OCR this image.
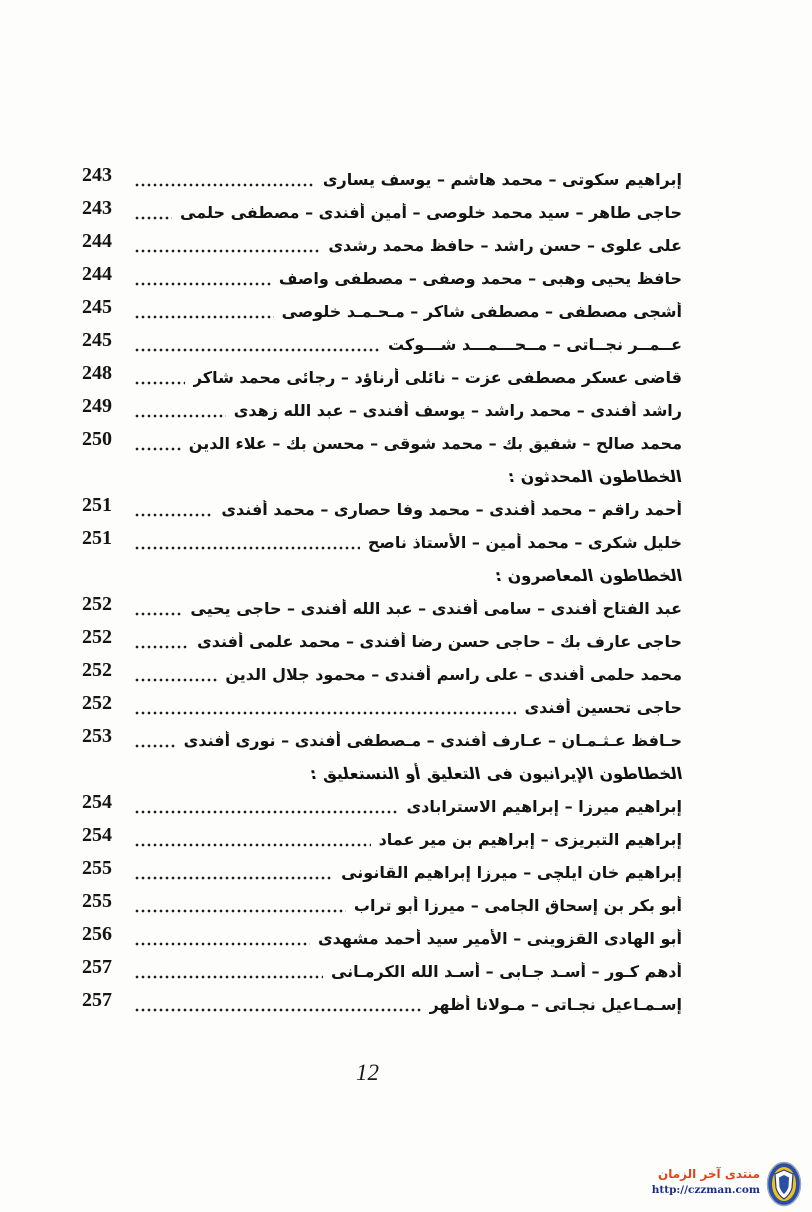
إبراهيم سكوتى – محمد هاشم – يوسف يسارى
243
حاجى طاهر – سيد محمد خلوصى – أمين أفندى – مصطفى حلمى
243
على علوى – حسن راشد – حافظ محمد رشدى
244
حافظ يحيى وهبى – محمد وصفى – مصطفى واصف
244
أشجى مصطفى – مصطفى شاكر – مـحـمـد خلوصى
245
عــمــر نجــاتى – مــحـــمـــد شـــوكت
245
قاضى عسكر مصطفى عزت – نائلى أرناؤد – رجائى محمد شاكر
248
راشد أفندى – محمد راشد – يوسف أفندى – عبد الله زهدى
249
محمد صالح – شفيق بك – محمد شوقى – محسن بك – علاء الدين
250
الخطاطون المحدثون :
أحمد راقم – محمد أفندى – محمد وفا حصارى – محمد أفندى
251
خليل شكرى – محمد أمين – الأستاذ ناصح
251
الخطاطون المعاصرون :
عبد الفتاح أفندى – سامى أفندى – عبد الله أفندى – حاجى يحيى
252
حاجى عارف بك – حاجى حسن رضا أفندى – محمد علمى أفندى
252
محمد حلمى أفندى – على راسم أفندى – محمود جلال الدين
252
حاجى تحسين أفندى
252
حـافظ عـثـمـان – عـارف أفندى – مـصطفى أفندى – نورى أفندى
253
الخطاطون الإيرانيون فى التعليق أو النستعليق :
إبراهيم ميرزا – إبراهيم الاسترابادى
254
إبراهيم التبريزى – إبراهيم بن مير عماد
254
إبراهيم خان ايلچى – ميرزا إبراهيم القانونى
255
أبو بكر بن إسحاق الجامى – ميرزا أبو تراب
255
أبو الهادى القزوينى – الأمير سيد أحمد مشهدى
256
أدهم كـور – أسـد جـابى – أسـد الله الكرمـانى
257
إسـمـاعيل نجـاتى – مـولانا أظهر
257
12
منتدى آخر الزمان
http://czzman.com
